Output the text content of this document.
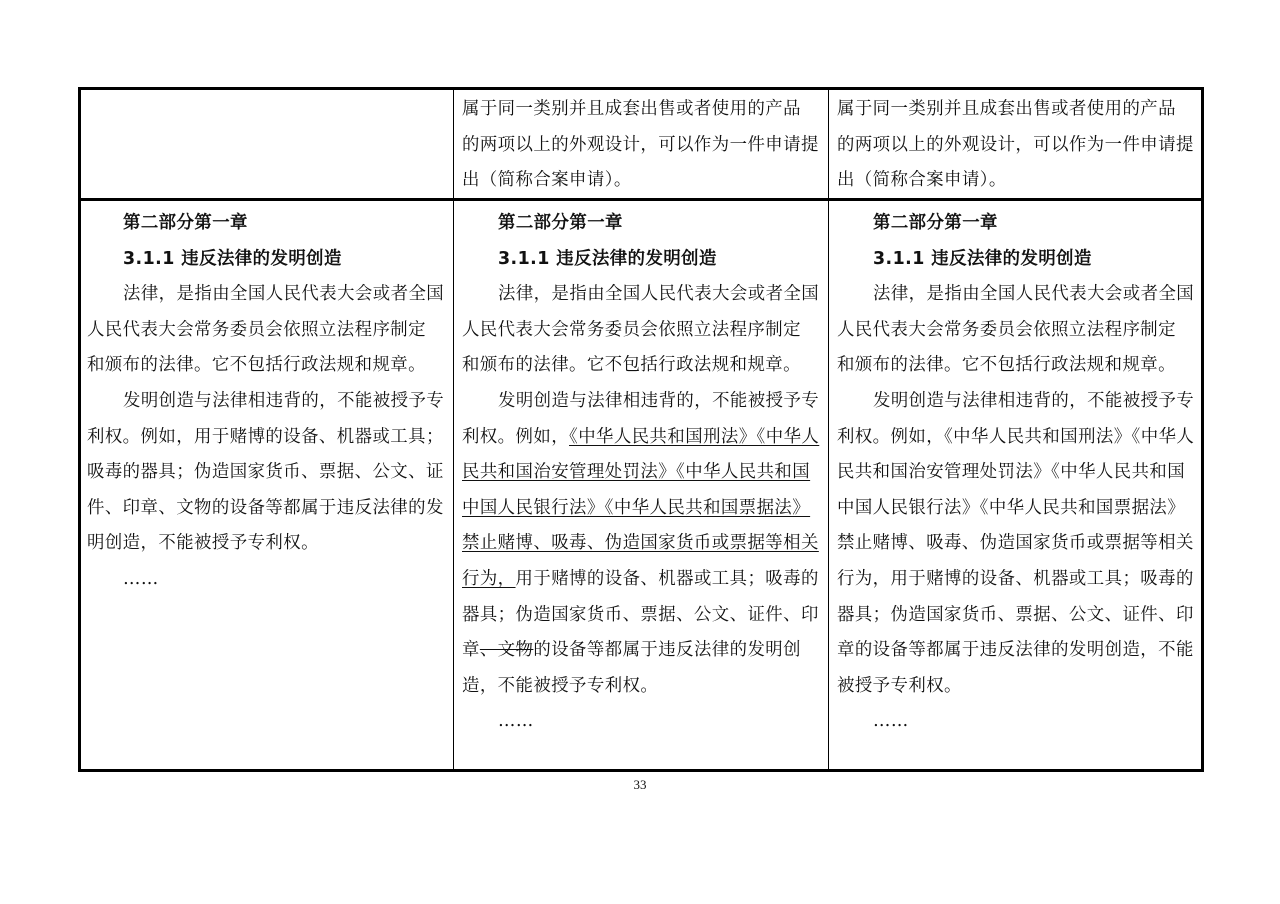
属于同一类别并且成套出售或者使用的产品
的两项以上的外观设计，可以作为一件申请提
出（简称合案申请）。
属于同一类别并且成套出售或者使用的产品
的两项以上的外观设计，可以作为一件申请提
出（简称合案申请）。
第二部分第一章
3.1.1 违反法律的发明创造
法律，是指由全国人民代表大会或者全国
人民代表大会常务委员会依照立法程序制定
和颁布的法律。它不包括行政法规和规章。
发明创造与法律相违背的，不能被授予专
利权。例如，用于赌博的设备、机器或工具；
吸毒的器具；伪造国家货币、票据、公文、证
件、印章、文物的设备等都属于违反法律的发
明创造，不能被授予专利权。
……
第二部分第一章
3.1.1 违反法律的发明创造
法律，是指由全国人民代表大会或者全国
人民代表大会常务委员会依照立法程序制定
和颁布的法律。它不包括行政法规和规章。
发明创造与法律相违背的，不能被授予专
利权。例如，《中华人民共和国刑法》《中华人
民共和国治安管理处罚法》《中华人民共和国
中国人民银行法》《中华人民共和国票据法》
禁止赌博、吸毒、伪造国家货币或票据等相关
行为，用于赌博的设备、机器或工具；吸毒的
器具；伪造国家货币、票据、公文、证件、印
章、文物的设备等都属于违反法律的发明创
造，不能被授予专利权。
……
第二部分第一章
3.1.1 违反法律的发明创造
法律，是指由全国人民代表大会或者全国
人民代表大会常务委员会依照立法程序制定
和颁布的法律。它不包括行政法规和规章。
发明创造与法律相违背的，不能被授予专
利权。例如，《中华人民共和国刑法》《中华人
民共和国治安管理处罚法》《中华人民共和国
中国人民银行法》《中华人民共和国票据法》
禁止赌博、吸毒、伪造国家货币或票据等相关
行为，用于赌博的设备、机器或工具；吸毒的
器具；伪造国家货币、票据、公文、证件、印
章的设备等都属于违反法律的发明创造，不能
被授予专利权。
……
33
